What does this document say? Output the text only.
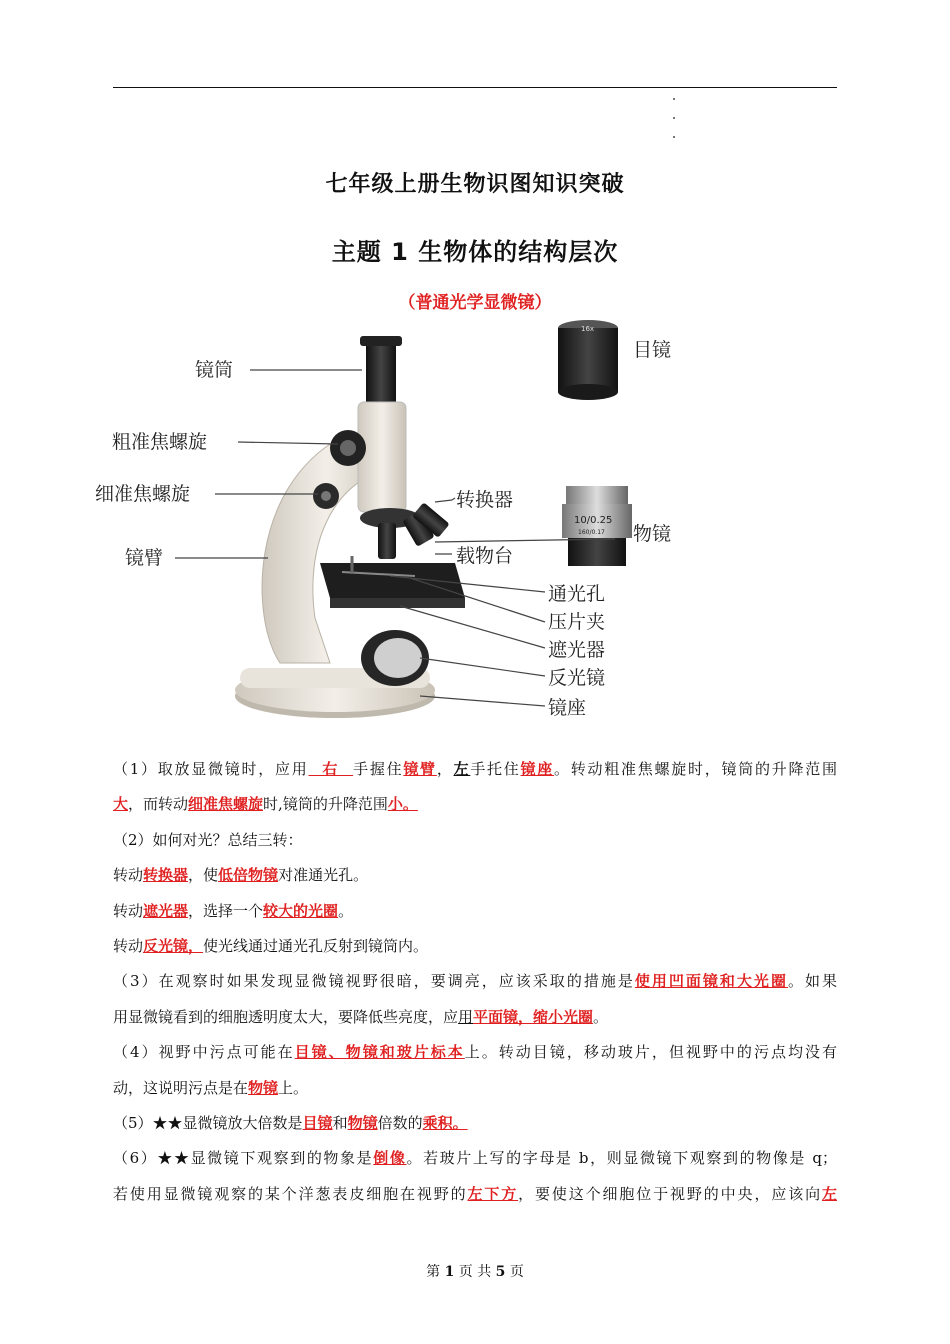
七年级上册生物识图知识突破
主题 1 生物体的结构层次
（普通光学显微镜）
16x
10/0.25
160/0.17
镜筒
粗准焦螺旋
细准焦螺旋
镜臂
目镜
转换器
物镜
载物台
通光孔
压片夹
遮光器
反光镜
镜座
（1）取放显微镜时，应用  右  手握住镜臂，左手托住镜座。转动粗准焦螺旋时，镜筒的升降范围
大，而转动细准焦螺旋时,镜筒的升降范围小。
（2）如何对光？总结三转：
转动转换器，使低倍物镜对准通光孔。
转动遮光器，选择一个较大的光圈。
转动反光镜，使光线通过通光孔反射到镜筒内。
（3）在观察时如果发现显微镜视野很暗，要调亮，应该采取的措施是使用凹面镜和大光圈。如果
用显微镜看到的细胞透明度太大，要降低些亮度，应用平面镜，缩小光圈。
（4）视野中污点可能在目镜、物镜和玻片标本上。转动目镜，移动玻片，但视野中的污点均没有
动，这说明污点是在物镜上。
（5）★★显微镜放大倍数是目镜和物镜倍数的乘积。
（6）★★显微镜下观察到的物象是倒像。若玻片上写的字母是 b，则显微镜下观察到的物像是 q；
若使用显微镜观察的某个洋葱表皮细胞在视野的左下方，要使这个细胞位于视野的中央，应该向左
第 1 页 共 5 页
